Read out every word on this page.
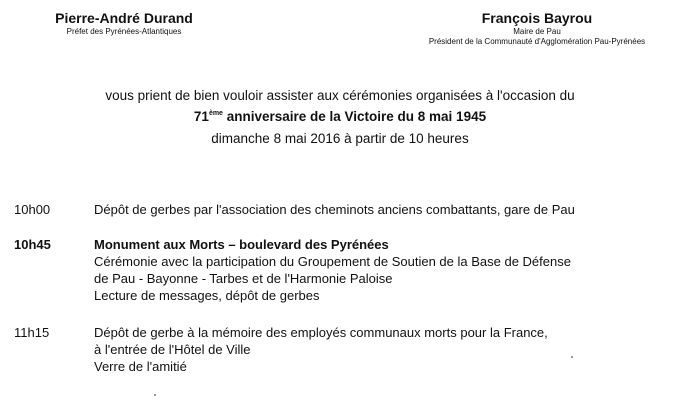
Pierre-André Durand
Préfet des Pyrénées-Atlantiques
François Bayrou
Maire de Pau
Président de la Communauté d'Agglomération Pau-Pyrénées
vous prient de bien vouloir assister aux cérémonies organisées à l'occasion du
71ème anniversaire de la Victoire du 8 mai 1945
dimanche 8 mai 2016 à partir de 10 heures
10h00	Dépôt de gerbes par l'association des cheminots anciens combattants, gare de Pau
10h45	Monument aux Morts – boulevard des Pyrénées
Cérémonie avec la participation du Groupement de Soutien de la Base de Défense
de Pau - Bayonne - Tarbes et de l'Harmonie Paloise
Lecture de messages, dépôt de gerbes
11h15	Dépôt de gerbe à la mémoire des employés communaux morts pour la France,
à l'entrée de l'Hôtel de Ville
Verre de l'amitié
